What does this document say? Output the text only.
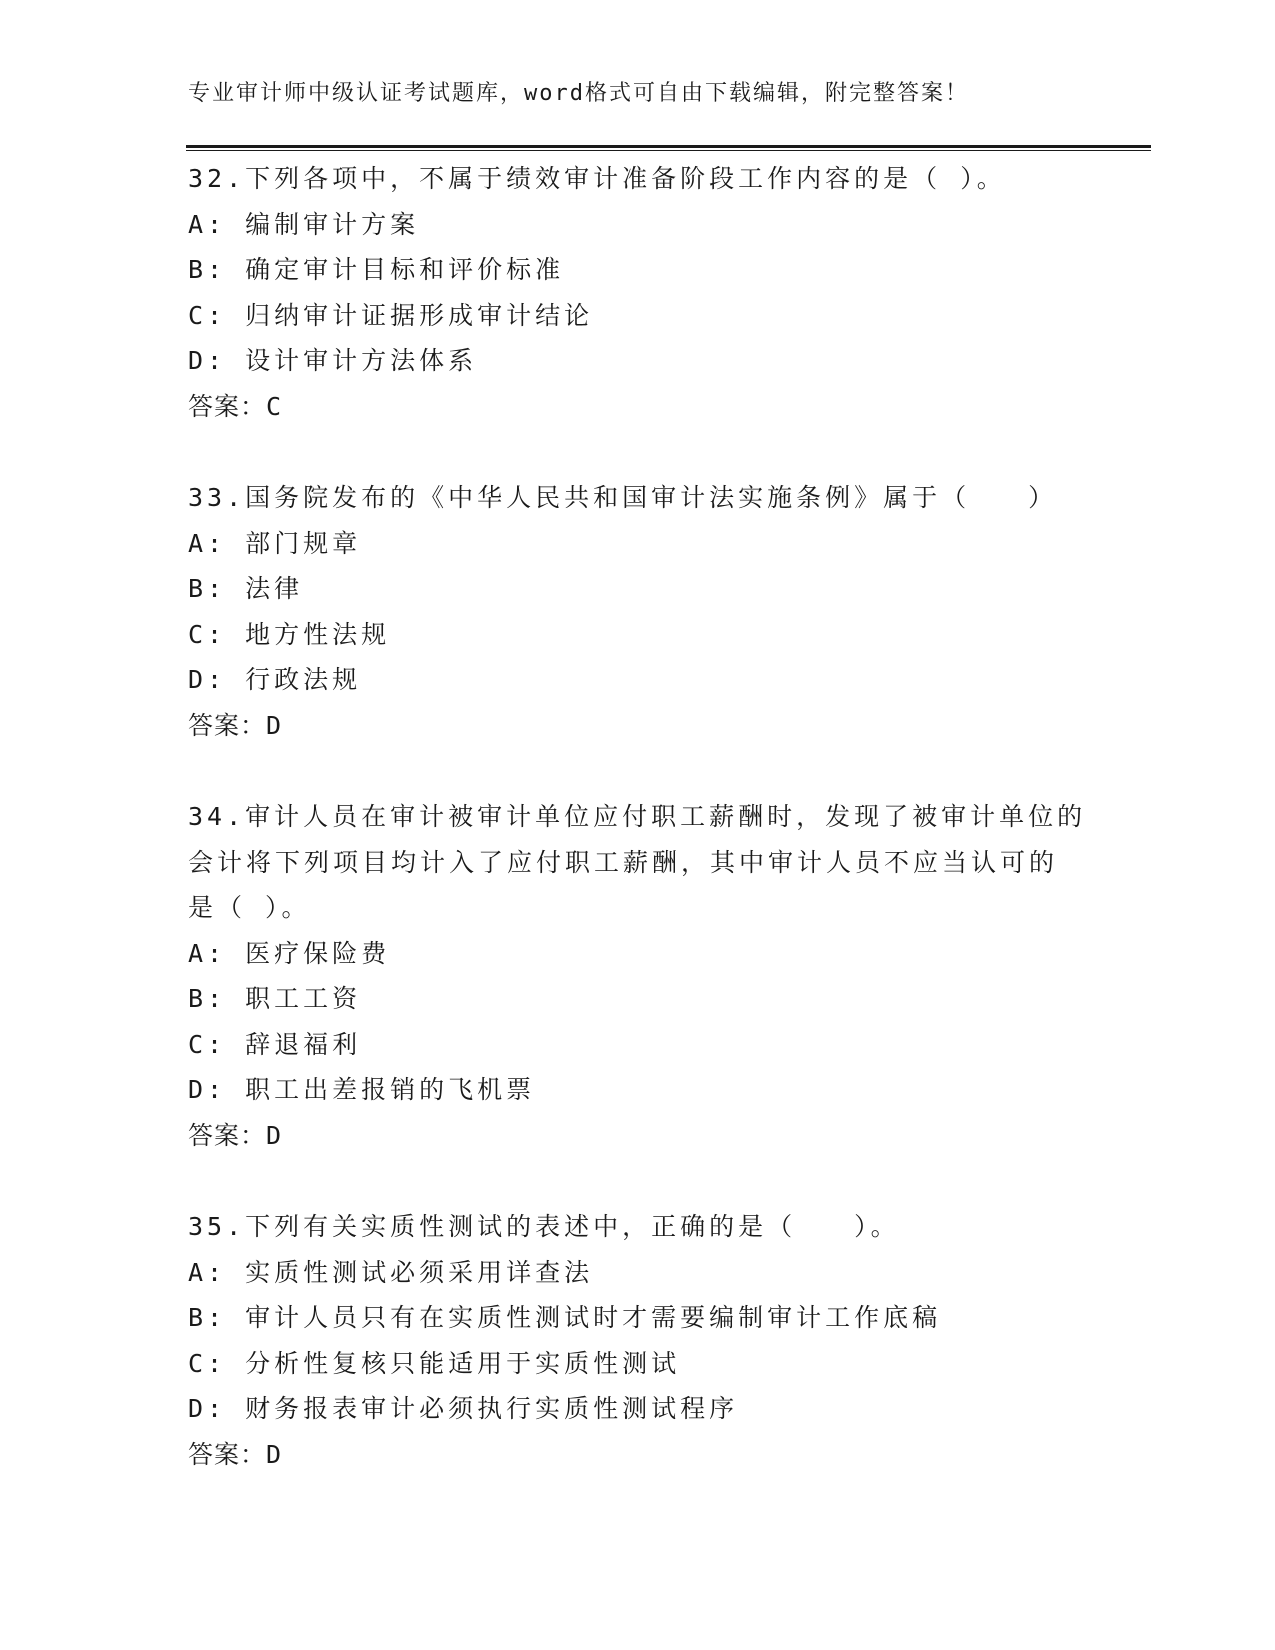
专业审计师中级认证考试题库，word格式可自由下载编辑，附完整答案！
32.下列各项中，不属于绩效审计准备阶段工作内容的是（ ）。
A: 编制审计方案
B: 确定审计目标和评价标准
C: 归纳审计证据形成审计结论
D: 设计审计方法体系
答案：C
33.国务院发布的《中华人民共和国审计法实施条例》属于（　　）
A: 部门规章
B: 法律
C: 地方性法规
D: 行政法规
答案：D
34.审计人员在审计被审计单位应付职工薪酬时，发现了被审计单位的
会计将下列项目均计入了应付职工薪酬，其中审计人员不应当认可的
是（ ）。
A: 医疗保险费
B: 职工工资
C: 辞退福利
D: 职工出差报销的飞机票
答案：D
35.下列有关实质性测试的表述中，正确的是（　　）。
A: 实质性测试必须采用详查法
B: 审计人员只有在实质性测试时才需要编制审计工作底稿
C: 分析性复核只能适用于实质性测试
D: 财务报表审计必须执行实质性测试程序
答案：D
